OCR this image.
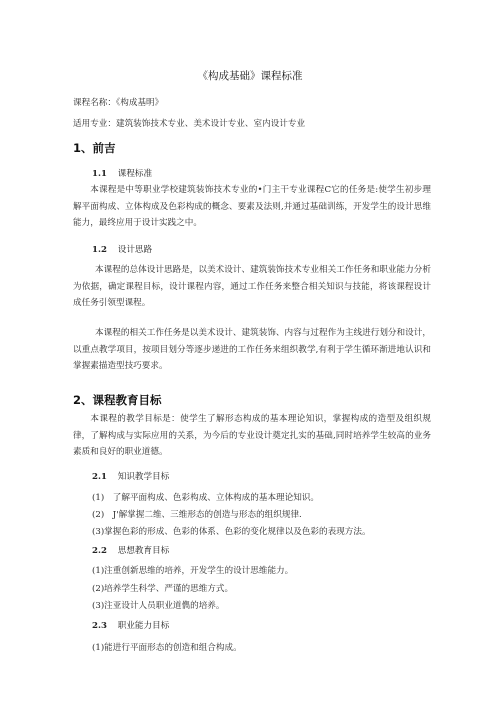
《构成基础》课程标准
课程名称：《构成基明》
适用专业：建筑装饰技术专业、美术设计专业、室内设计专业
1、前吉
1.1 课程标准
本课程是中等职业学校建筑装饰技术专业的•门主干专业课程C它的任务是:使学生初步理解平面构成、立体构成及色彩构成的概念、要素及法则,并通过基础训练，开发学生的设计思维能力，最终应用于设计实践之中。
1.2 设计思路
本课程的总体设计思路是，以美术设计、建筑装饰技术专业相关工作任务和职业能力分析为依据，确定课程目标，设计课程内容，通过工作任务来整合相关知识与技能，将该课程设计成任务引领型课程。
本课程的相关工作任务是以美术设计、建筑装饰、内容与过程作为主线进行划分和设计，以重点教学项目，按项目划分等逐步递进的工作任务来组织教学,有利于学生循环渐进地认识和掌握素描造型技巧要求。
2、课程教育目标
本课程的教学目标是：使学生了解形态构成的基本理论知识，掌握构成的造型及组织规律，了解构成与实际应用的关系，为今后的专业设计奠定扎实的基础,同时培养学生较高的业务素质和良好的职业道德。
2.1 知识教学目标
(1)　了解平面构成、色彩构成、立体构成的基本理论知识。
(2)　J'解掌握二维、三维形态的创造与形态的组织规律.
(3)掌握色彩的形成、色彩的体系、色彩的变化规律以及色彩的表现方法。
2.2 思想教育目标
(1)注重创新思维的培养，开发学生的设计思维能力。
(2)培养学生科学、严谨的思维方式。
(3)注亚设计人员职业道儁的培养。
2.3 职业能力目标
(1)能进行平面形态的创造和组合构成。
